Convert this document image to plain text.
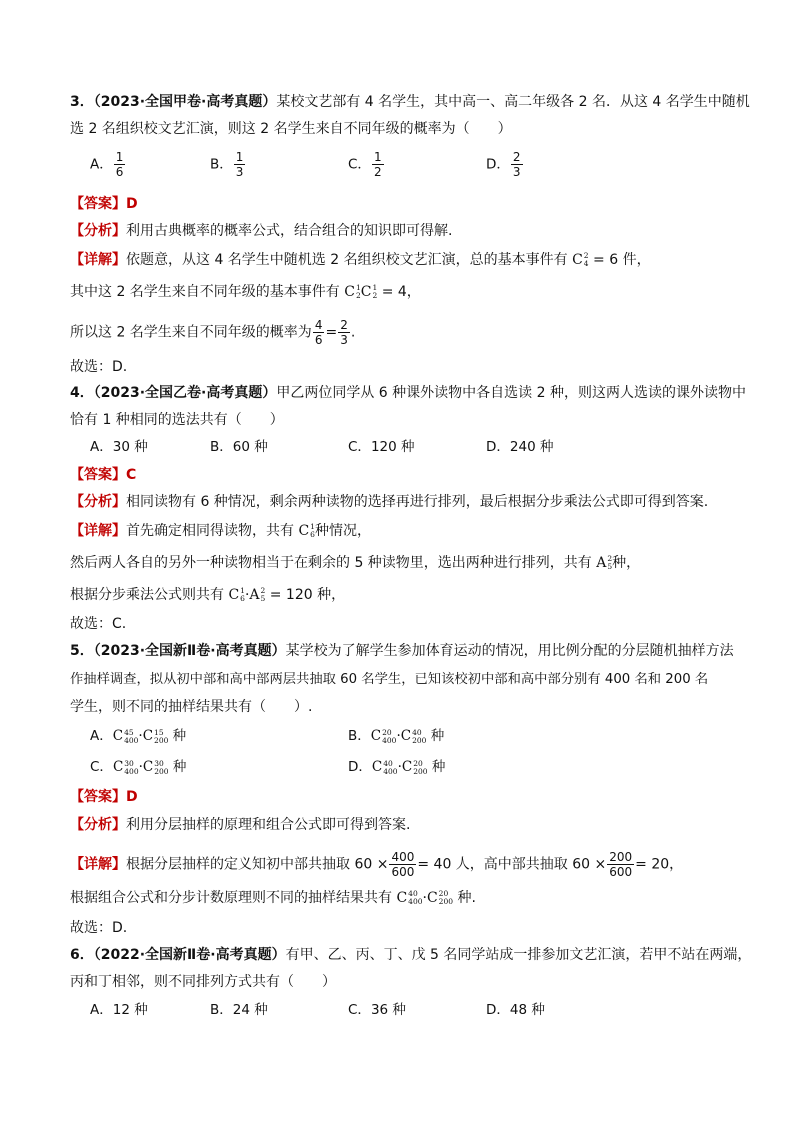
3．（2023·全国甲卷·高考真题）某校文艺部有 4 名学生，其中高一、高二年级各 2 名．从这 4 名学生中随机
选 2 名组织校文艺汇演，则这 2 名学生来自不同年级的概率为（　　）
A． $\frac{1}{6}$	B． $\frac{1}{3}$	C． $\frac{1}{2}$	D． $\frac{2}{3}$
【答案】D
【分析】利用古典概率的概率公式，结合组合的知识即可得解.
【详解】依题意，从这 4 名学生中随机选 2 名组织校文艺汇演，总的基本事件有 C 2
4 = 6 件，
其中这 2 名学生来自不同年级的基本事件有 C 1
2 C 1
2 = 4，
所以这 2 名学生来自不同年级的概率为 $\frac{4}{6} = \frac{2}{3}$ .
故选：D.
4．（2023·全国乙卷·高考真题）甲乙两位同学从 6 种课外读物中各自选读 2 种，则这两人选读的课外读物中
恰有 1 种相同的选法共有（　　）
A．30 种	B．60 种	C．120 种	D．240 种
【答案】C
【分析】相同读物有 6 种情况，剩余两种读物的选择再进行排列，最后根据分步乘法公式即可得到答案.
【详解】首先确定相同得读物，共有 C 1
6 种情况，
然后两人各自的另外一种读物相当于在剩余的 5 种读物里，选出两种进行排列，共有 A 2
5 种，
根据分步乘法公式则共有 C 1
6 ·A 2
5 = 120 种，
故选：C.
5．（2023·全国新Ⅱ卷·高考真题）某学校为了解学生参加体育运动的情况，用比例分配的分层随机抽样方法
作抽样调查，拟从初中部和高中部两层共抽取 60 名学生，已知该校初中部和高中部分别有 400 名和 200 名
学生，则不同的抽样结果共有（　　）.
A．C 45
400 ·C 15
200 种	B．C 20
400 ·C 40
200 种
C．C 30
400 ·C 30
200 种	D．C 40
400 ·C 20
200 种
【答案】D
【分析】利用分层抽样的原理和组合公式即可得到答案.
【详解】根据分层抽样的定义知初中部共抽取 $60 \times \frac{400}{600} = 40$ 人，高中部共抽取 $60 \times \frac{200}{600} = 20$，
根据组合公式和分步计数原理则不同的抽样结果共有 C 40
400 ·C 20
200 种.
故选：D.
6．（2022·全国新Ⅱ卷·高考真题）有甲、乙、丙、丁、戊 5 名同学站成一排参加文艺汇演，若甲不站在两端，
丙和丁相邻，则不同排列方式共有（　　）
A．12 种	B．24 种	C．36 种	D．48 种
